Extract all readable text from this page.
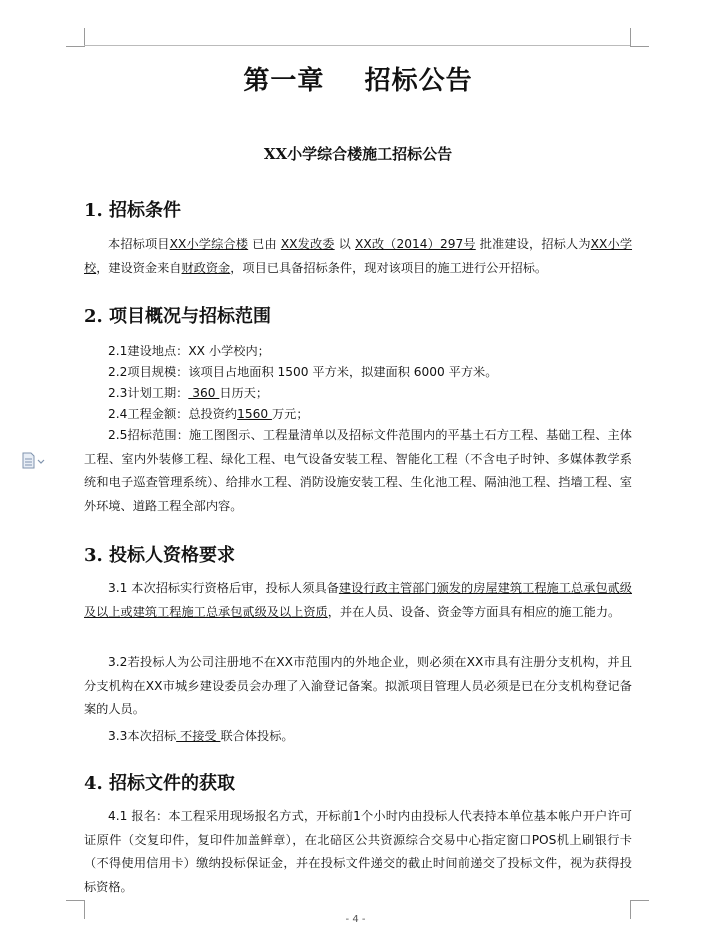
第一章    招标公告
XX小学综合楼施工招标公告
1. 招标条件
本招标项目XX小学综合楼 已由 XX发改委 以 XX改（2014）297号 批准建设，招标人为XX小学校，建设资金来自财政资金，项目已具备招标条件，现对该项目的施工进行公开招标。
2. 项目概况与招标范围
2.1建设地点：XX 小学校内；
2.2项目规模：该项目占地面积 1500 平方米，拟建面积 6000 平方米。
2.3计划工期： 360 日历天；
2.4工程金额：总投资约1560 万元；
2.5招标范围：施工图图示、工程量清单以及招标文件范围内的平基土石方工程、基础工程、主体工程、室内外装修工程、绿化工程、电气设备安装工程、智能化工程（不含电子时钟、多媒体教学系统和电子巡查管理系统）、给排水工程、消防设施安装工程、生化池工程、隔油池工程、挡墙工程、室外环境、道路工程全部内容。
3. 投标人资格要求
3.1 本次招标实行资格后审，投标人须具备建设行政主管部门颁发的房屋建筑工程施工总承包贰级及以上或建筑工程施工总承包贰级及以上资质，并在人员、设备、资金等方面具有相应的施工能力。
3.2若投标人为公司注册地不在XX市范围内的外地企业，则必须在XX市具有注册分支机构，并且分支机构在XX市城乡建设委员会办理了入渝登记备案。拟派项目管理人员必须是已在分支机构登记备案的人员。
3.3本次招标 不接受 联合体投标。
4. 招标文件的获取
4.1 报名：本工程采用现场报名方式，开标前1个小时内由投标人代表持本单位基本帐户开户许可证原件（交复印件，复印件加盖鲜章），在北碚区公共资源综合交易中心指定窗口POS机上刷银行卡（不得使用信用卡）缴纳投标保证金，并在投标文件递交的截止时间前递交了投标文件，视为获得投标资格。
- 4 -
